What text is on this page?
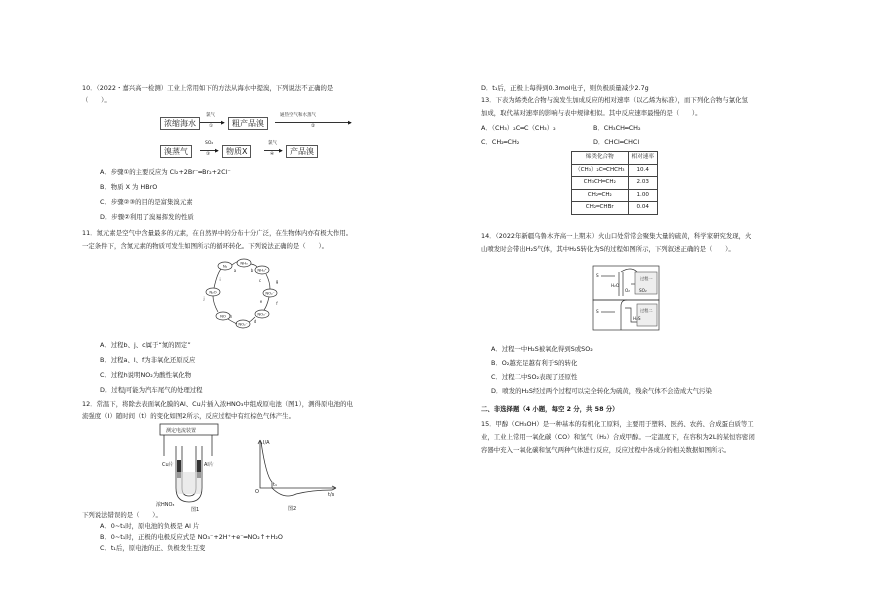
10．（2022・嘉兴高一检测）工业上常用如下的方法从海水中提溴，下列说法不正确的是
（　　）。
浓缩海水
氯气
▶
①	粗产品溴
通热空气和水蒸气
▶
②
溴蒸气
SO₂
▶
③	物质X
氯气
▶
④	产品溴
A．步骤①的主要反应为 Cl₂+2Br⁻═Br₂+2Cl⁻
B．物质 X 为 HBrO
C．步骤②③的目的是富集溴元素
D．步骤②利用了溴易挥发的性质
11．氮元素是空气中含量最多的元素，在自然界中的分布十分广泛，在生物体内亦有极大作用。
一定条件下，含氮元素的物质可发生如图所示的循环转化。下列说法正确的是（　　）。
N₂
NH₃
NH₄⁺
NO₂⁻
NO₃⁻
NO₂⁻
NO
N₂O
a	b
c
d
e	f
g
h
i
j
A．过程b、j、c属于“氮的固定”
B．过程a、l、f为非氧化还原反应
C．过程h说明NO₂为酸性氧化物
D．过程j可能为汽车尾气的处理过程
12．常温下，将除去表面氧化膜的Al、Cu片插入浓HNO₃中组成原电池（图1），测得原电池的电
流强度（I）随时间（t）的变化如图2所示，反应过程中有红棕色气体产生。
测定电流装置
Cu片	Al片
浓HNO₃
图1
I/A
t/s
O
t₁
图2
下列说法错误的是（　　）。
A．0~t₁时，原电池的负极是 Al 片
B．0~t₁时，正极的电极反应式是 NO₃⁻+2H⁺+e⁻═NO₂↑+H₂O
C．t₁后，原电池的正、负极发生互变
D．t₁后，正极上每得到0.3mol电子，则负极质量减少2.7g
13．下表为烯类化合物与溴发生加成反应的相对速率（以乙烯为标准），而下列化合物与氯化氢
加成，取代基对速率的影响与表中规律相似。其中反应速率最慢的是（　　）。
A．（CH₃）₂C═C（CH₃）₂	B．CH₃CH═CH₂
C．CH₂═CH₂	D．CHCl═CHCl
烯类化合物	相对速率
（CH₃）₂C═CHCH₃	10.4
CH₃CH═CH₂	2.03
CH₂═CH₂	1.00
CH₂═CHBr	0.04
14．（2022年新疆乌鲁木齐高一上期末）火山口处常常会聚集大量的硫黄，科学家研究发现，火
山喷发时会带出H₂S气体，其中H₂S转化为S的过程如图所示，下列叙述正确的是（　　）。
S
H₂O
O₂ SO₂
H₂S
S
过程一
过程二
A．过程一中H₂S被氧化得到S或SO₂
B．O₂越充足越有利于S的转化
C．过程二中SO₂表现了还原性
D．喷发的H₂S经过两个过程可以完全转化为硫黄，残余气体不会造成大气污染
二、非选择题（4 小题，每空 2 分，共 58 分）
15．甲醇（CH₃OH）是一种基本的有机化工原料，主要用于塑料、医药、农药、合成蛋白质等工
业，工业上常用一氧化碳（CO）和氢气（H₂）合成甲醇。一定温度下，在容积为2L的某恒容密闭
容器中充入一氧化碳和氢气两种气体进行反应，反应过程中各成分的相关数据如图所示。
